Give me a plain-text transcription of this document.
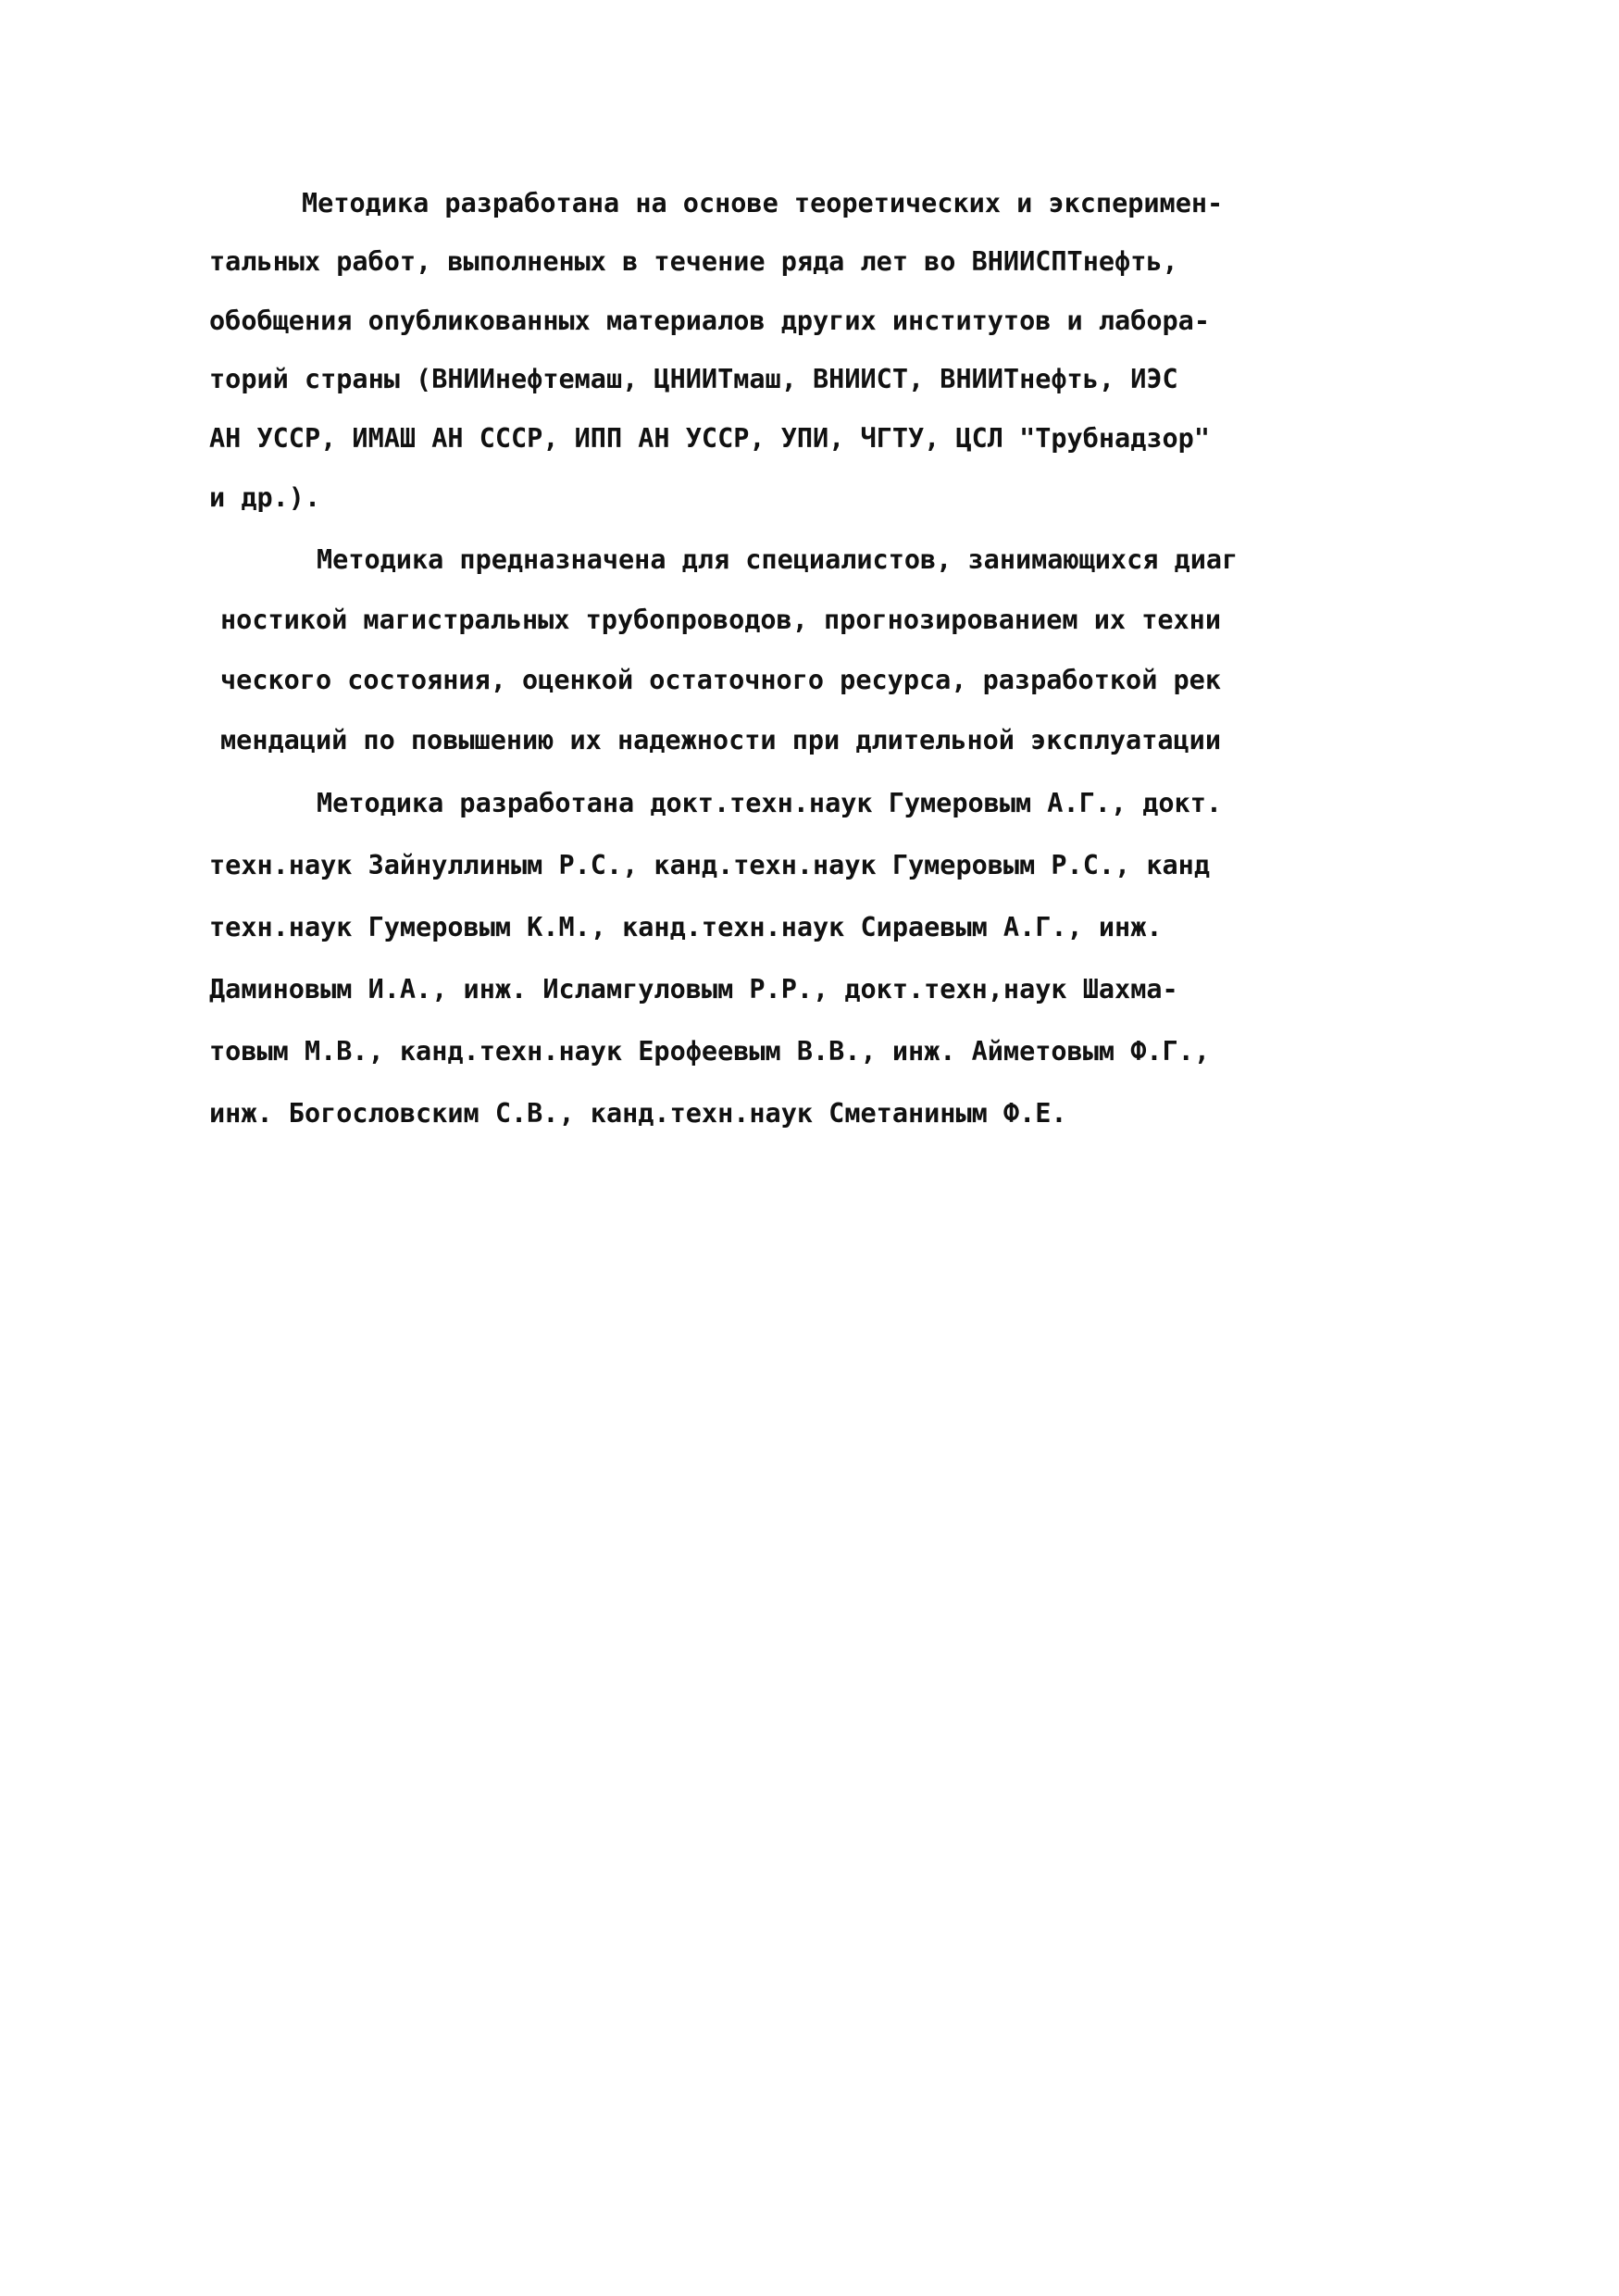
Методика разработана на основе теоретических и эксперимен-
тальных работ, выполненых в течение ряда лет во ВНИИСПТнефть,
обобщения опубликованных материалов других институтов и лабора-
торий страны (ВНИИнефтемаш, ЦНИИТмаш, ВНИИСТ, ВНИИТнефть, ИЭС
АН УССР, ИМАШ АН СССР, ИПП АН УССР, УПИ, ЧГТУ, ЦСЛ "Трубнадзор"
и др.).
Методика предназначена для специалистов, занимающихся диаг
ностикой магистральных трубопроводов, прогнозированием их техни
ческого состояния, оценкой остаточного ресурса, разработкой рек
мендаций по повышению их надежности при длительной эксплуатации
Методика разработана докт.техн.наук Гумеровым А.Г., докт.
техн.наук Зайнуллиным Р.С., канд.техн.наук Гумеровым Р.С., канд
техн.наук Гумеровым К.М., канд.техн.наук Сираевым А.Г., инж.
Даминовым И.А., инж. Исламгуловым Р.Р., докт.техн,наук Шахма-
товым М.В., канд.техн.наук Ерофеевым В.В., инж. Айметовым Ф.Г.,
инж. Богословским С.В., канд.техн.наук Сметаниным Ф.Е.
